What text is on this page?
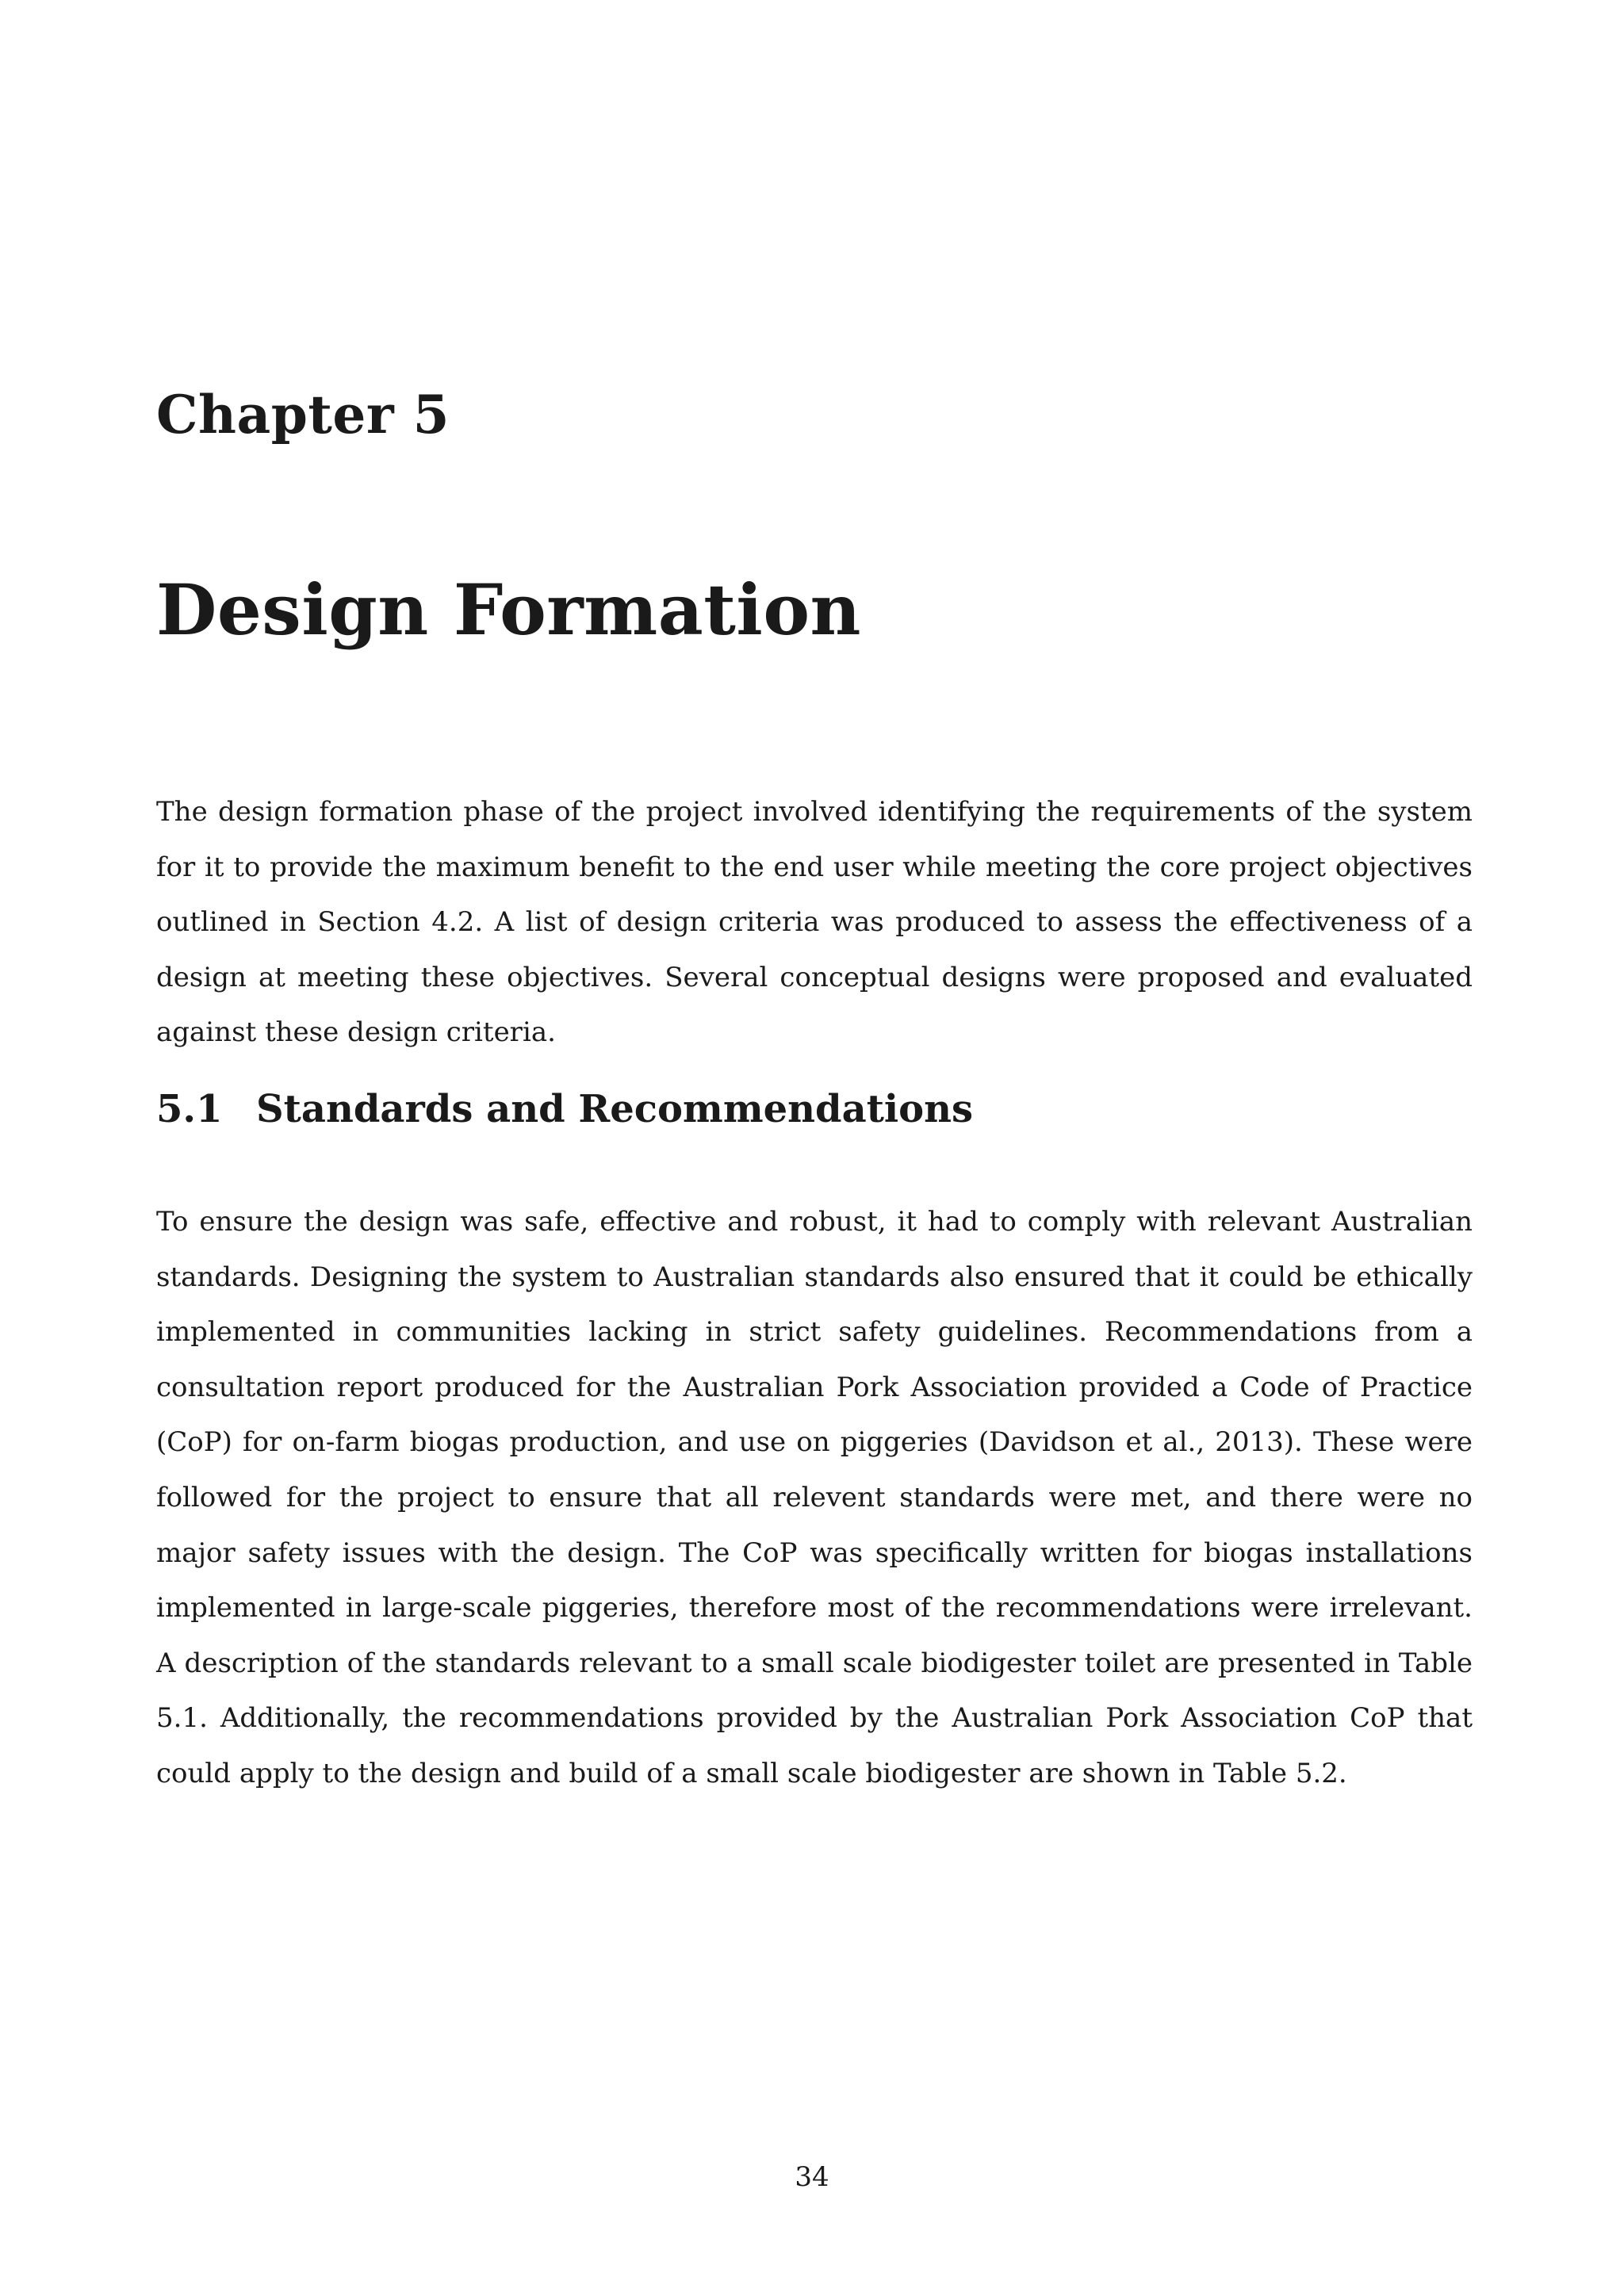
Chapter 5
Design Formation

The design formation phase of the project involved identifying the requirements of the system for it to provide the maximum benefit to the end user while meeting the core project objectives outlined in Section 4.2. A list of design criteria was produced to assess the effectiveness of a design at meeting these objectives. Several conceptual designs were proposed and evaluated against these design criteria.

5.1 Standards and Recommendations

To ensure the design was safe, effective and robust, it had to comply with relevant Australian standards. Designing the system to Australian standards also ensured that it could be ethically implemented in communities lacking in strict safety guidelines. Recommendations from a consultation report produced for the Australian Pork Association provided a Code of Practice (CoP) for on-farm biogas production, and use on piggeries (Davidson et al., 2013). These were followed for the project to ensure that all relevent standards were met, and there were no major safety issues with the design. The CoP was specifically written for biogas installations implemented in large-scale piggeries, therefore most of the recommendations were irrelevant. A description of the standards relevant to a small scale biodigester toilet are presented in Table 5.1. Additionally, the recommendations provided by the Australian Pork Association CoP that could apply to the design and build of a small scale biodigester are shown in Table 5.2.

34
